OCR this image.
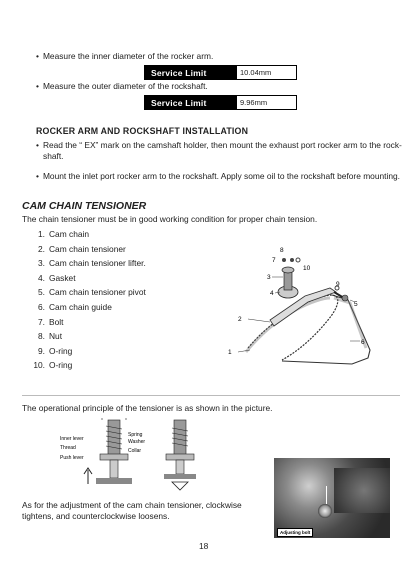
• Measure the inner diameter of the rocker arm.
Service Limit	10.04mm
• Measure the outer diameter of the rockshaft.
Service Limit	9.96mm
ROCKER ARM AND ROCKSHAFT INSTALLATION
• Read the “ EX” mark on the camshaft holder, then mount the exhaust port rocker arm to the rock-
shaft.
• Mount the inlet port rocker arm to the rockshaft. Apply some oil to the rockshaft before mounting.
CAM CHAIN TENSIONER
The chain tensioner must be in good working condition for proper chain tension.
1. Cam chain
2. Cam chain tensioner
3. Cam chain tensioner lifter.
4. Gasket
5. Cam chain tensioner pivot
6. Cam chain guide
7. Bolt
8. Nut
9. O-ring
10. O-ring
1
2
3
4
5
6
7
8
9
10
The operational principle of the tensioner is as shown in the picture.
Inner lever
Thread
Push lever
Spring
Washer
Collar
As for the adjustment of the cam chain tensioner, clockwise
tightens, and counterclockwise loosens.
Adjusting bolt
18
